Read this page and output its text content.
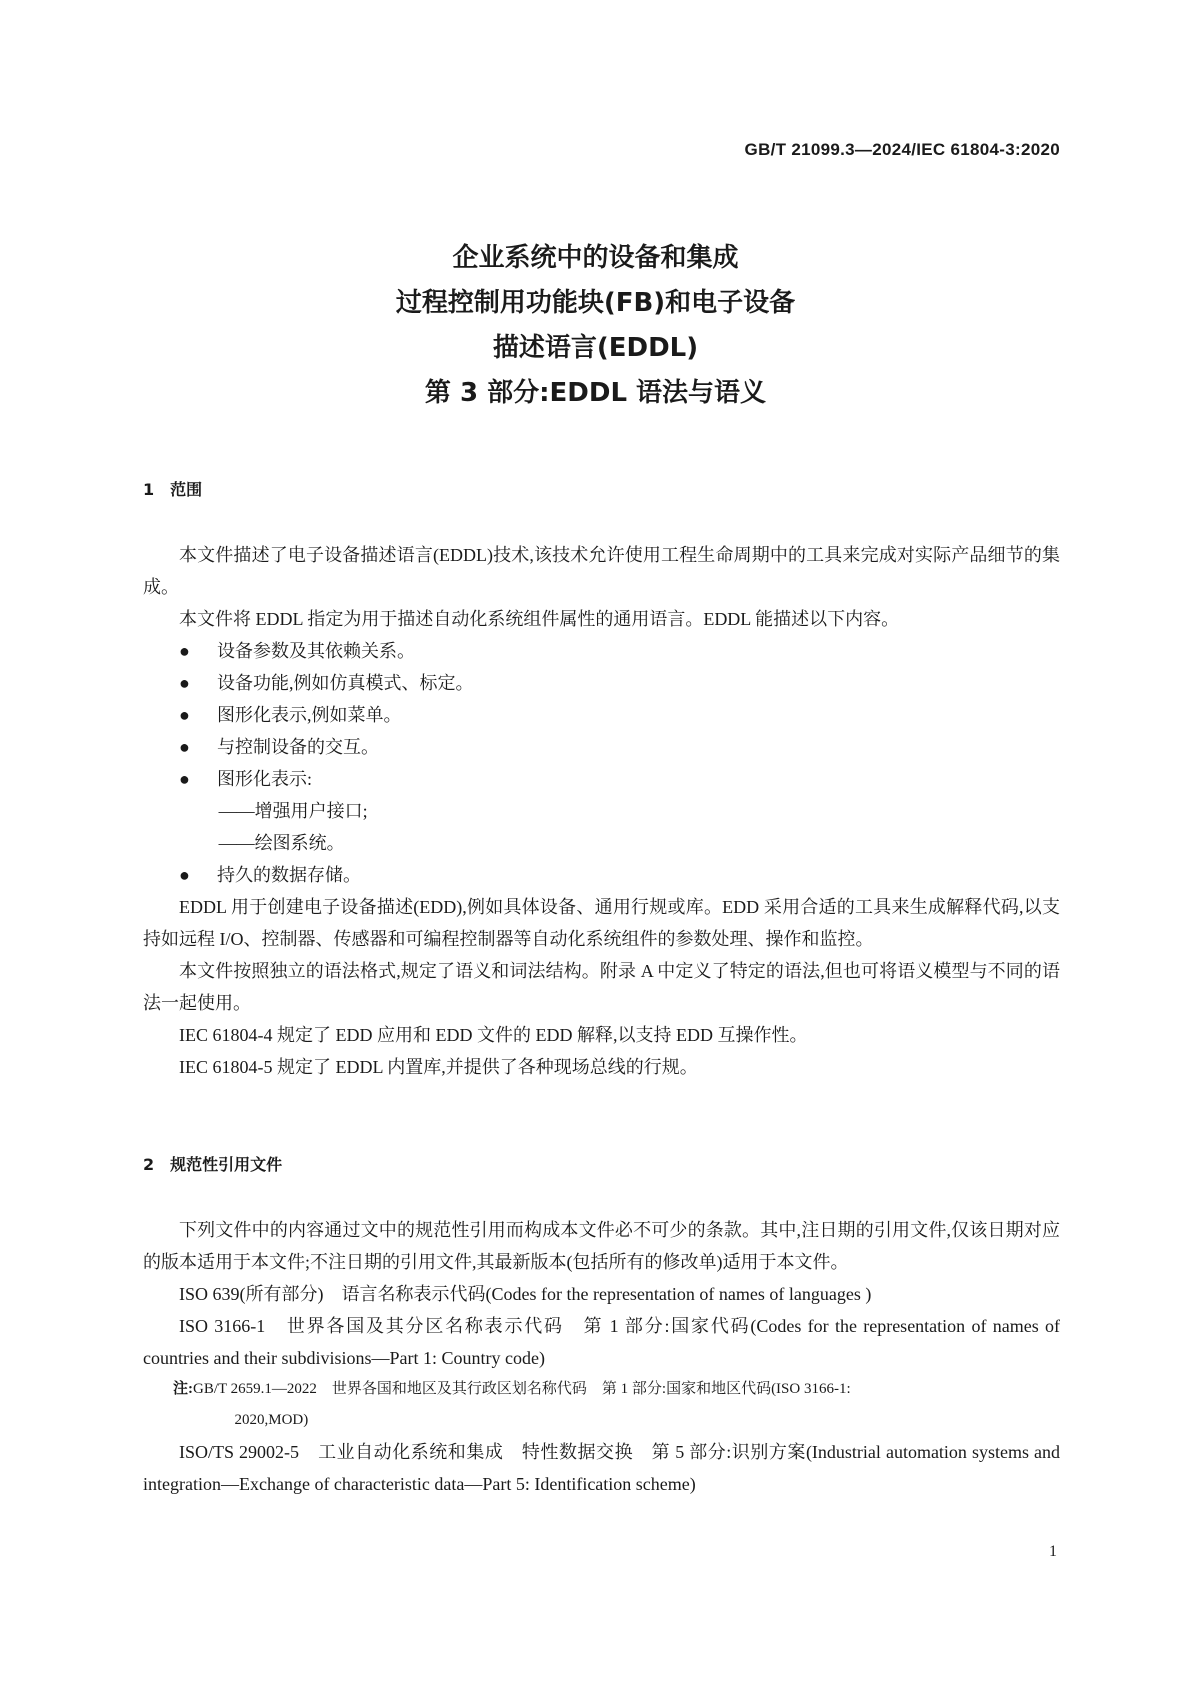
GB/T 21099.3—2024/IEC 61804-3:2020
企业系统中的设备和集成
过程控制用功能块(FB)和电子设备
描述语言(EDDL)
第 3 部分:EDDL 语法与语义
1 范围

本文件描述了电子设备描述语言(EDDL)技术,该技术允许使用工程生命周期中的工具来完成对实际产品细节的集成。

本文件将 EDDL 指定为用于描述自动化系统组件属性的通用语言。EDDL 能描述以下内容。

● 设备参数及其依赖关系。
● 设备功能,例如仿真模式、标定。
● 图形化表示,例如菜单。
● 与控制设备的交互。
● 图形化表示:
——增强用户接口;
——绘图系统。
● 持久的数据存储。

EDDL 用于创建电子设备描述(EDD),例如具体设备、通用行规或库。EDD 采用合适的工具来生成解释代码,以支持如远程 I/O、控制器、传感器和可编程控制器等自动化系统组件的参数处理、操作和监控。

本文件按照独立的语法格式,规定了语义和词法结构。附录 A 中定义了特定的语法,但也可将语义模型与不同的语法一起使用。

IEC 61804-4 规定了 EDD 应用和 EDD 文件的 EDD 解释,以支持 EDD 互操作性。

IEC 61804-5 规定了 EDDL 内置库,并提供了各种现场总线的行规。

2 规范性引用文件

下列文件中的内容通过文中的规范性引用而构成本文件必不可少的条款。其中,注日期的引用文件,仅该日期对应的版本适用于本文件;不注日期的引用文件,其最新版本(包括所有的修改单)适用于本文件。

ISO 639(所有部分)　语言名称表示代码(Codes for the representation of names of languages )

ISO 3166-1　世界各国及其分区名称表示代码　第 1 部分:国家代码(Codes for the representation of names of countries and their subdivisions—Part 1: Country code)

注:GB/T 2659.1—2022　世界各国和地区及其行政区划名称代码　第 1 部分:国家和地区代码(ISO 3166-1:
2020,MOD)

ISO/TS 29002-5　工业自动化系统和集成　特性数据交换　第 5 部分:识别方案(Industrial automation systems and integration—Exchange of characteristic data—Part 5: Identification scheme)

1
